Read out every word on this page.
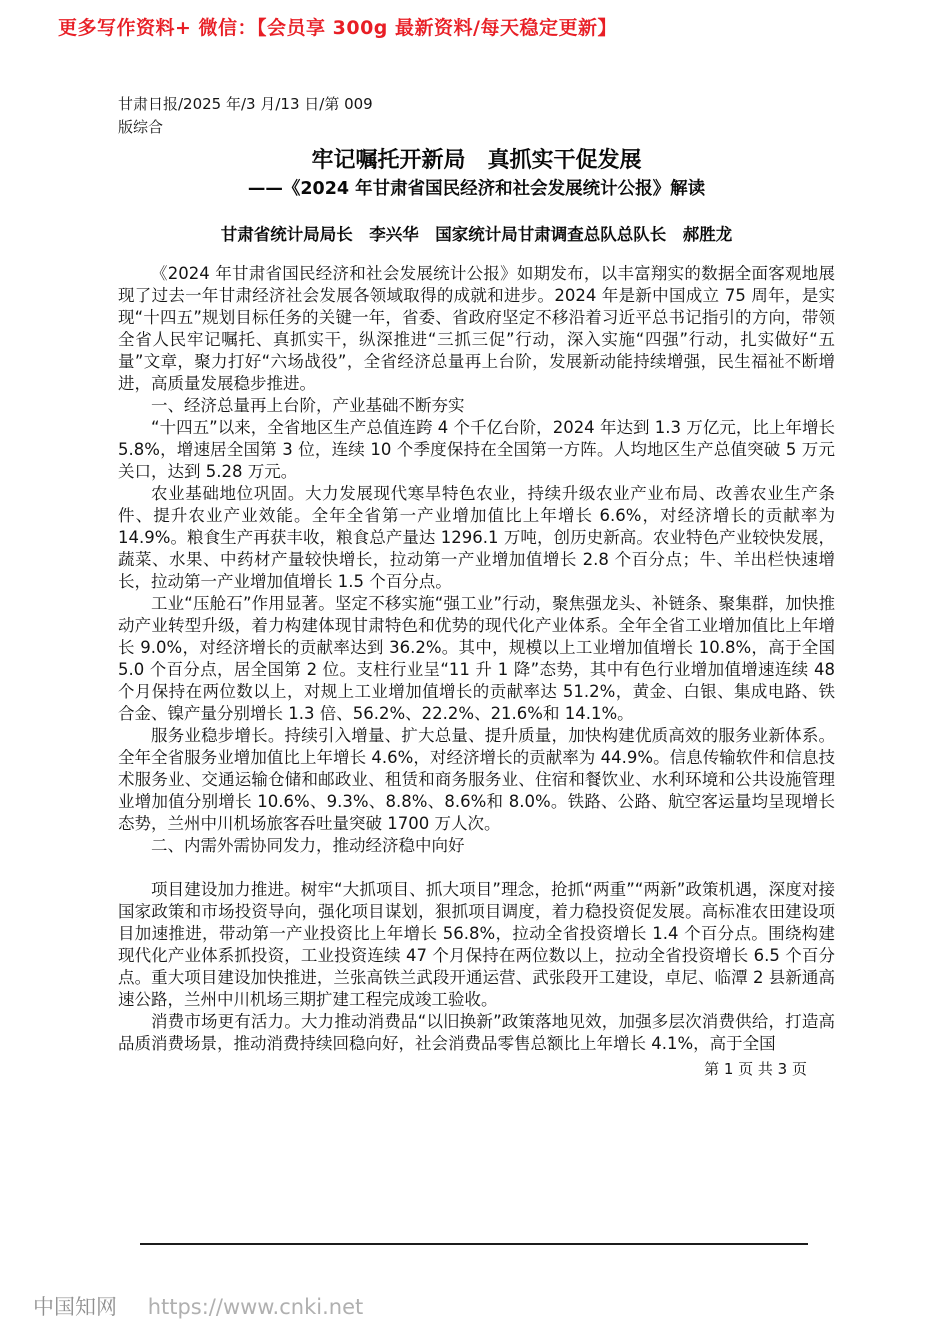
更多写作资料+ 微信：【会员享 300g 最新资料/每天稳定更新】
甘肃日报/2025 年/3 月/13 日/第 009
版综合
牢记嘱托开新局　真抓实干促发展
——《2024 年甘肃省国民经济和社会发展统计公报》解读
甘肃省统计局局长　李兴华　国家统计局甘肃调查总队总队长　郝胜龙

《2024 年甘肃省国民经济和社会发展统计公报》如期发布，以丰富翔实的数据全面客观地展现了过去一年甘肃经济社会发展各领域取得的成就和进步。2024 年是新中国成立 75 周年，是实现“十四五”规划目标任务的关键一年，省委、省政府坚定不移沿着习近平总书记指引的方向，带领全省人民牢记嘱托、真抓实干，纵深推进“三抓三促”行动，深入实施“四强”行动，扎实做好“五量”文章，聚力打好“六场战役”，全省经济总量再上台阶，发展新动能持续增强，民生福祉不断增进，高质量发展稳步推进。

一、经济总量再上台阶，产业基础不断夯实

“十四五”以来，全省地区生产总值连跨 4 个千亿台阶，2024 年达到 1.3 万亿元，比上年增长 5.8%，增速居全国第 3 位，连续 10 个季度保持在全国第一方阵。人均地区生产总值突破 5 万元关口，达到 5.28 万元。

农业基础地位巩固。大力发展现代寒旱特色农业，持续升级农业产业布局、改善农业生产条件、提升农业产业效能。全年全省第一产业增加值比上年增长 6.6%，对经济增长的贡献率为 14.9%。粮食生产再获丰收，粮食总产量达 1296.1 万吨，创历史新高。农业特色产业较快发展，蔬菜、水果、中药材产量较快增长，拉动第一产业增加值增长 2.8 个百分点；牛、羊出栏快速增长，拉动第一产业增加值增长 1.5 个百分点。

工业“压舱石”作用显著。坚定不移实施“强工业”行动，聚焦强龙头、补链条、聚集群，加快推动产业转型升级，着力构建体现甘肃特色和优势的现代化产业体系。全年全省工业增加值比上年增长 9.0%，对经济增长的贡献率达到 36.2%。其中，规模以上工业增加值增长 10.8%，高于全国 5.0 个百分点，居全国第 2 位。支柱行业呈“11 升 1 降”态势，其中有色行业增加值增速连续 48 个月保持在两位数以上，对规上工业增加值增长的贡献率达 51.2%，黄金、白银、集成电路、铁合金、镍产量分别增长 1.3 倍、56.2%、22.2%、21.6%和 14.1%。

服务业稳步增长。持续引入增量、扩大总量、提升质量，加快构建优质高效的服务业新体系。全年全省服务业增加值比上年增长 4.6%，对经济增长的贡献率为 44.9%。信息传输软件和信息技术服务业、交通运输仓储和邮政业、租赁和商务服务业、住宿和餐饮业、水利环境和公共设施管理业增加值分别增长 10.6%、9.3%、8.8%、8.6%和 8.0%。铁路、公路、航空客运量均呈现增长态势，兰州中川机场旅客吞吐量突破 1700 万人次。

二、内需外需协同发力，推动经济稳中向好

项目建设加力推进。树牢“大抓项目、抓大项目”理念，抢抓“两重”“两新”政策机遇，深度对接国家政策和市场投资导向，强化项目谋划，狠抓项目调度，着力稳投资促发展。高标准农田建设项目加速推进，带动第一产业投资比上年增长 56.8%，拉动全省投资增长 1.4 个百分点。围绕构建现代化产业体系抓投资，工业投资连续 47 个月保持在两位数以上，拉动全省投资增长 6.5 个百分点。重大项目建设加快推进，兰张高铁兰武段开通运营、武张段开工建设，卓尼、临潭 2 县新通高速公路，兰州中川机场三期扩建工程完成竣工验收。

消费市场更有活力。大力推动消费品“以旧换新”政策落地见效，加强多层次消费供给，打造高品质消费场景，推动消费持续回稳向好，社会消费品零售总额比上年增长 4.1%，高于全国

第 1 页 共 3 页
中国知网 https://www.cnki.net
